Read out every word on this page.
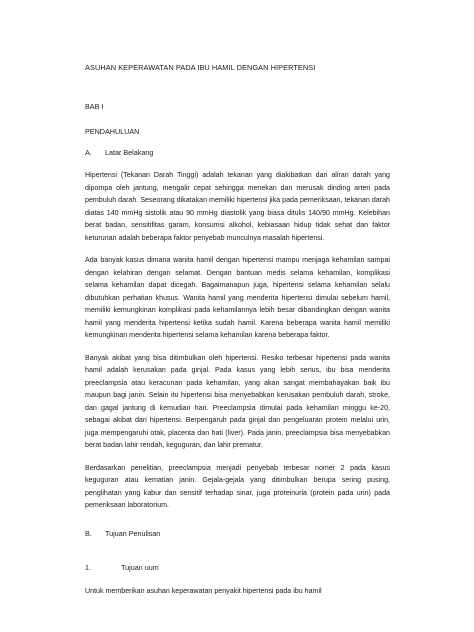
ASUHAN KEPERAWATAN PADA IBU HAMIL DENGAN HIPERTENSI
BAB I
PENDAHULUAN
A.	Latar Belakang

Hipertensi (Tekanan Darah Tinggi) adalah tekanan yang diakibatkan dari aliran darah yang dipompa oleh jantung, mengalir cepat sehingga menekan dan merusak dinding arteri pada pembuluh darah. Seseorang dikatakan memiliki hipertensi jika pada pemeriksaan, tekanan darah diatas 140 mmHg sistolik atau 90 mmHg diastolik yang biasa ditulis 140/90 mmHg. Kelebihan berat badan, sensitifitas garam, konsumsi alkohol, kebiasaan hidup tidak sehat dan faktor keturunan adalah beberapa faktor penyebab munculnya masalah hipertensi.

Ada banyak kasus dimana wanita hamil dengan hipertensi mampu menjaga kehamilan sampai dengan kelahiran dengan selamat. Dengan bantuan medis selama kehamilan, komplikasi selama kehamilan dapat dicegah. Bagaimanapun juga, hipertensi selama kehamilan selalu dibutuhkan perhatian khusus. Wanita hamil yang menderita hipertensi dimulai sebelum hamil, memiliki kemungkinan komplikasi pada kehamilannya lebih besar dibandingkan dengan wanita hamil yang menderita hipertensi ketika sudah hamil. Karena beberapa wanita hamil memiliki kemungkinan menderita hipertensi selama kehamilan karena beberapa faktor.

Banyak akibat yang bisa ditimbulkan oleh hipertensi. Resiko terbesar hipertensi pada wanita hamil adalah kerusakan pada ginjal. Pada kasus yang lebih serius, ibu bisa menderita preeclampsia atau keracunan pada kehamilan, yang akan sangat membahayakan baik ibu maupun bagi janin. Selain itu hipertensi bisa menyebabkan kerusakan pembuluh darah, stroke, dan gagal jantung di kemudian hari. Preeclampsia dimulai pada kehamilan minggu ke-20, sebagai akibat dari hipertensi. Berpengaruh pada ginjal dan pengeluaran protein melalui urin, juga mempengaruhi otak, placenta dan hati (liver). Pada janin, preeclampsia bisa menyebabkan berat badan lahir rendah, keguguran, dan lahir prematur.

Berdasarkan penelitian, preeclampsia menjadi penyebab terbesar nomer 2 pada kasus keguguran atau kematian janin. Gejala-gejala yang ditimbulkan berupa sering pusing, penglihatan yang kabur dan sensitif terhadap sinar, juga proteinuria (protein pada urin) pada pemeriksaan laboratorium.

B.	Tujuan Penulisan
1.	Tujuan uum

Untuk memberikan asuhan keperawatan penyakit hipertensi pada ibu hamil
